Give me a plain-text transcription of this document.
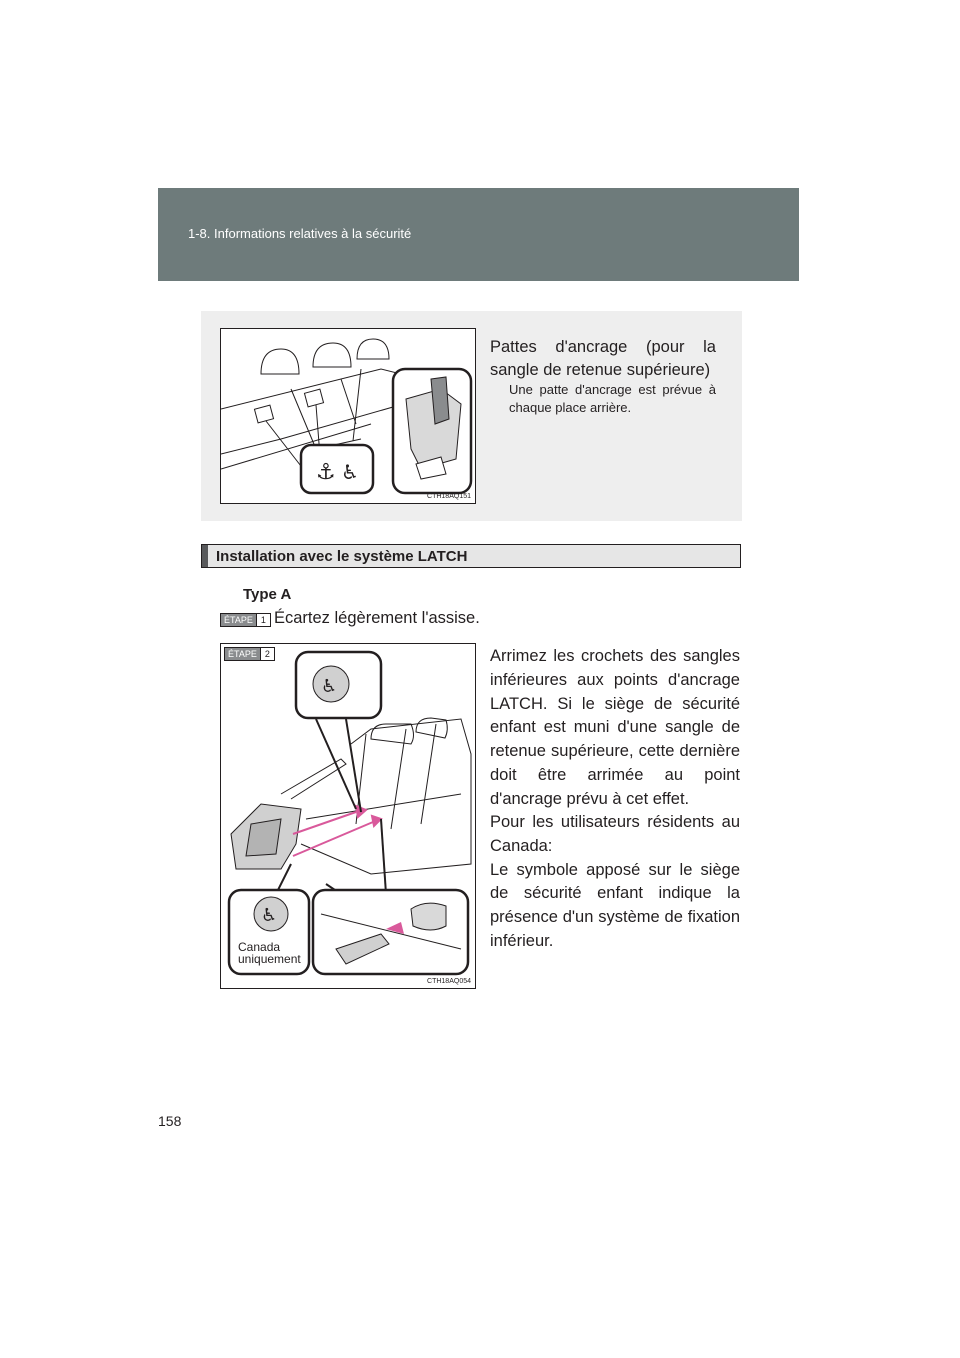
1-8. Informations relatives à la sécurité
⚓ ♿
CTH18AQ151
Pattes d'ancrage (pour la sangle de retenue supérieure)
Une patte d'ancrage est prévue à chaque place arrière.
Installation avec le système LATCH
Type A
ÉTAPE 1 Écartez légèrement l'assise.
♿
♿
Canada
uniquement
CTH18AQ054
ÉTAPE 2	Arrimez les crochets des sangles inférieures aux points d'ancrage LATCH. Si le siège de sécurité enfant est muni d'une sangle de retenue supérieure, cette dernière doit être arrimée au point d'ancrage prévu à cet effet.

Pour les utilisateurs résidents au Canada:

Le symbole apposé sur le siège de sécurité enfant indique la présence d'un système de fixation inférieur.

158
